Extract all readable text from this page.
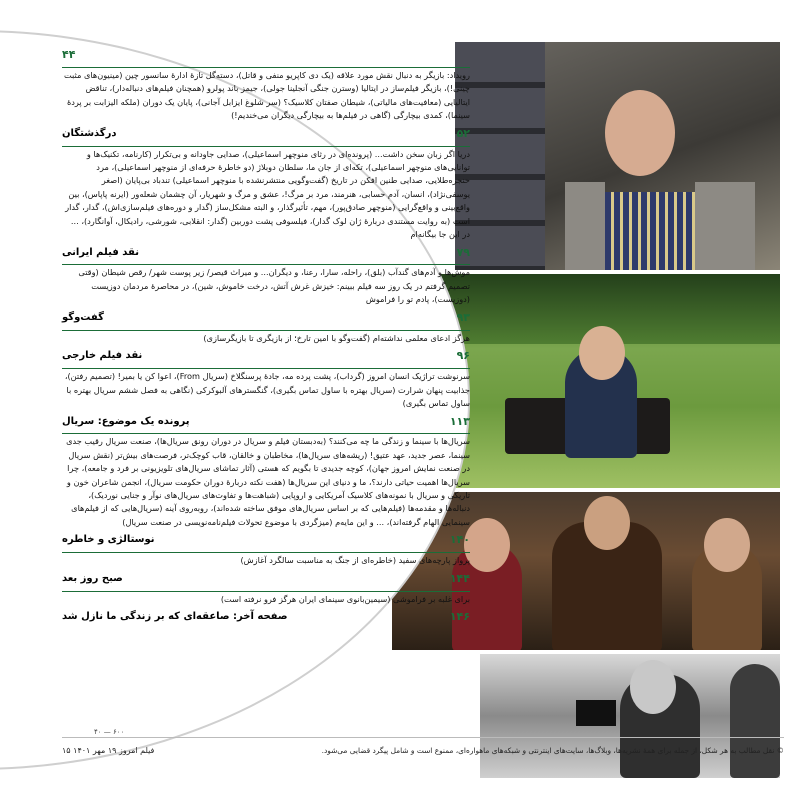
۴۴
رویداد: بازیگر به دنبال نقش مورد علاقه (یک دی کاپریو منفی و قاتل)، دسته‌گل تازۀ ادارۀ سانسور چین (مینیون‌های مثبت چینی!)، بازیگر فیلم‌ساز در ایتالیا (وسترن جنگی آنجلینا جولی)، جیمز باند پولرو (همچنان فیلم‌های دنباله‌دار)، تناقض ایتالیایی (معافیت‌های مالیاتی)، شیطان صفتان کلاسیک؟ (سر شلوغ ایزابل آجانی)، پایان یک دوران (ملکه الیزابت بر پردۀ سینما)، کمدی بیچارگی (گاهی در فیلم‌ها به بیچارگی دیگران می‌خندیم!)
درگذشتگان	۵۲
دریا اگر زبان سخن داشت... (پرونده‌ای در رثای منوچهر اسماعیلی)، صدایی جاودانه و بی‌تکرار (کارنامه، تکنیک‌ها و توانایی‌های منوچهر اسماعیلی)، تکه‌ای از جان ما، سلطان دوبلاژ (دو خاطرۀ حرفه‌ای از منوچهر اسماعیلی)، مرد حنجره‌طلایی، صدایی طنین افکن در تاریخ (گفت‌وگویی منتشرنشده با منوچهر اسماعیلی) تندباد بی‌پایان (اصغر یوسفی‌نژاد)، انسان، آدم حسابی، هنرمند، مرد بر مرگ!، عشق و مرگ و شهریار، آن چشمان شعله‌ور (ایرنه پاپاس)، بین واقع‌بینی و واقع‌گرایی (منوچهر صادق‌پور)، مهم، تأثیرگذار، و البته مشکل‌ساز (گدار و دوره‌های فیلم‌سازی‌اش)، گدار، گدار است (به روایت مستندی دربارۀ ژان لوک گدار)، فیلسوفی پشت دوربین (گدار: انقلابی، شورشی، رادیکال، آوانگارد)، ... در این جا بیگانه‌ام
نقد فیلم ایرانی	۷۹
موش‌ها و آدم‌های گندآب (بلق)، راحله، سارا، رعنا، و دیگران... و میراث قیصر/ زیر پوست شهر/ رقص شیطان (وقتی تصمیم گرفتم در یک روز سه فیلم ببینم: خیزش غرش آتش، درخت خاموش، شین)، در محاصرۀ مردمان دوزیست (دوزیست)، پادم تو را فراموش
گفت‌وگو	۹۳
هرگز ادعای معلمی نداشته‌ام (گفت‌وگو با امین تارخ؛ از بازیگری تا بازیگرسازی)
نقد فیلم خارجی	۹۶
سرنوشت تراژیک انسان امروز (گرداب)، پشت پرده مه، جادۀ پرسنگلاخ (سریال From)، اعوا کن یا بمیر! (تصمیم رفتن)، جذابیت پنهان شرارت (سریال بهتره با ساول تماس بگیری)، گنگسترهای آلبوکرکی (نگاهی به فصل ششم سریال بهتره با ساول تماس بگیری)
پرونده یک موضوع: سریال	۱۱۳
سریال‌ها با سینما و زندگی ما چه می‌کنند؟ (به‌دبستان فیلم و سریال در دوران رونق سریال‌ها)، صنعت سریال رقیب جدی سینما، عصر جدید، عهد عتیق! (ریشه‌های سریال‌ها)، مخاطبان و خالقان، قاب کوچک‌تر، فرصت‌های بیش‌تر (نقش سریال در صنعت نمایش امروز جهان)، کوچه جدیدی تا بگویم که هستی (آثار تماشای سریال‌های تلویزیونی بر فرد و جامعه)، چرا سریال‌ها اهمیت حیاتی دارند؟، ما و دنیای این سریال‌ها (هفت نکته دربارۀ دوران حکومت سریال)، انجمن شاعران خون و تاریکی و سریال با نمونه‌های کلاسیک آمریکایی و اروپایی (شباهت‌ها و تفاوت‌های سریال‌های نوآر و جنایی نوردیک)، دنباله‌ها و مقدمه‌ها (فیلم‌هایی که بر اساس سریال‌های موفق ساخته شده‌اند)، روبه‌روی آینه (سریال‌هایی که از فیلم‌های سینمایی الهام گرفته‌اند)، ... و این مایه‌م (میزگردی با موضوع تحولات فیلم‌نامه‌نویسی در صنعت سریال)
نوستالژی و خاطره	۱۴۰
پرواز پارچه‌های سفید (خاطره‌ای از جنگ به مناسبت سالگرد آغازش)
صبح روز بعد	۱۴۴
برای غلبه بر فراموشی (سیمین‌بانوی سینمای ایران هرگز فرو نرفته است)
صفحه آخر: صاعقه‌ای که بر زندگی ما نازل شد	۱۴۶
۴۰ — ۶۰۰
فیلم امروز ۱۹ مهر ۱۴۰۱ ۱۵	© نقل مطالب به هر شکل، از جمله برای همۀ نشریه‌ها، وبلاگ‌ها، سایت‌های اینترنتی و شبکه‌های ماهواره‌ای، ممنوع است و شامل پیگرد قضایی می‌شود.
